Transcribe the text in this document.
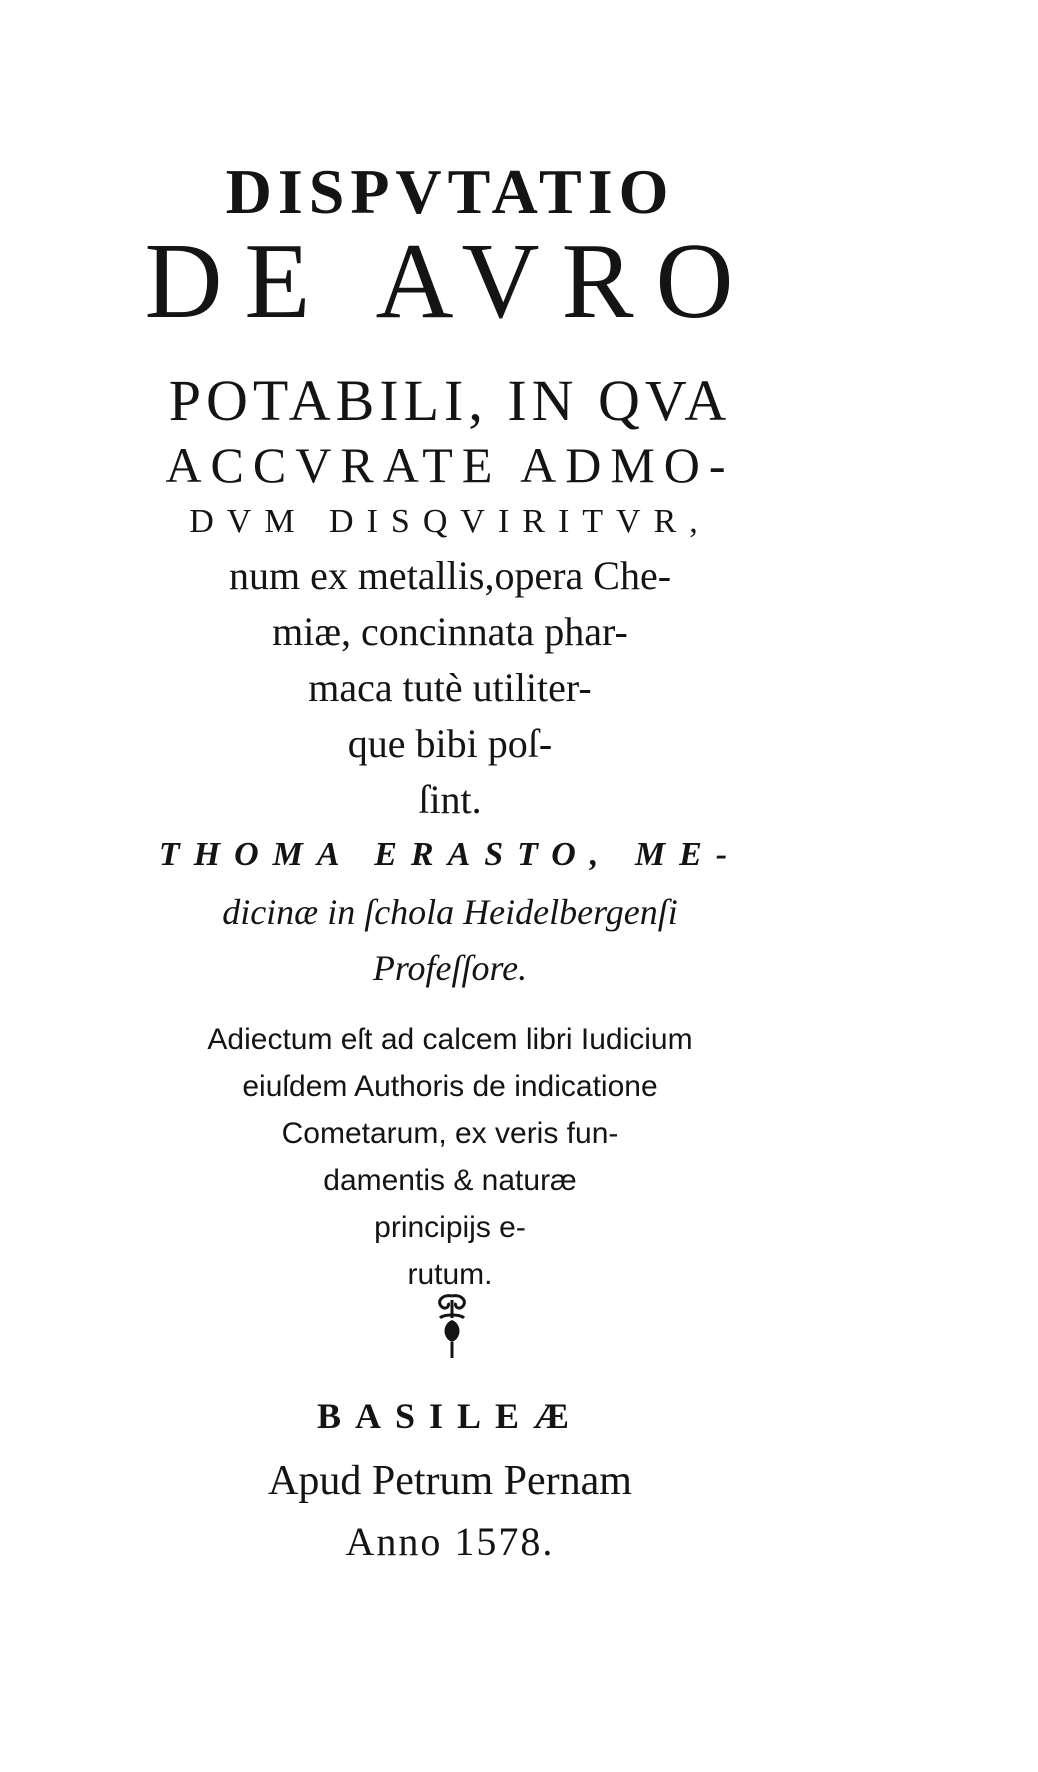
DISPVTATIO

DE AVRO

POTABILI, IN QVA

ACCVRATE ADMO-

DVM DISQVIRITVR,

num ex metallis,opera Che-

miæ, concinnata phar-

maca tutè utiliter-

que bibi poſ-

ſint.

THOMA ERASTO, ME-

dicinæ in ſchola Heidelbergenſi

Profeſſore.

Adiectum eſt ad calcem libri Iudicium

eiuſdem Authoris de indicatione

Cometarum, ex veris fun-

damentis & naturæ

principijs e-

rutum.

BASILEÆ

Apud Petrum Pernam

Anno 1578.
